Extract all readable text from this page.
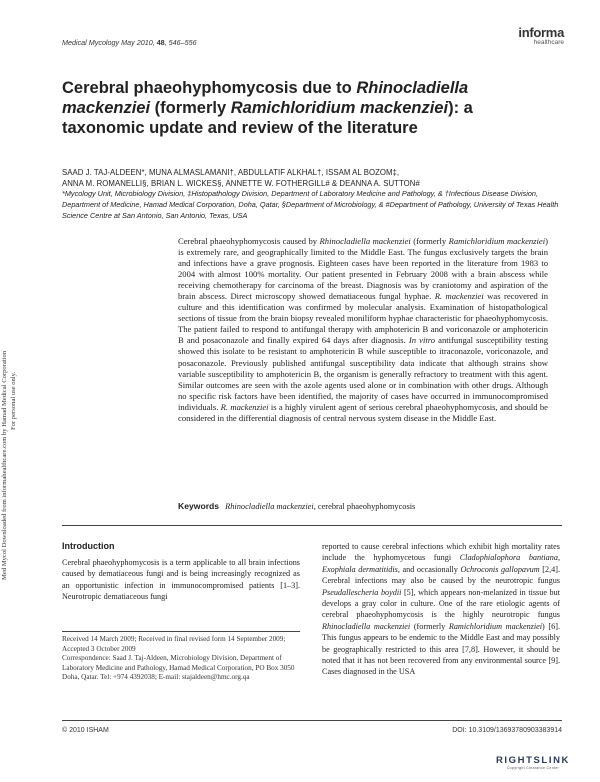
Medical Mycology May 2010, 48, 546–556
informa
healthcare
Cerebral phaeohyphomycosis due to Rhinocladiella mackenziei (formerly Ramichloridium mackenziei): a taxonomic update and review of the literature
SAAD J. TAJ-ALDEEN*, MUNA ALMASLAMANI†, ABDULLATIF ALKHAL†, ISSAM AL BOZOM‡,
ANNA M. ROMANELLI§, BRIAN L. WICKES§, ANNETTE W. FOTHERGILL# & DEANNA A. SUTTON#
*Mycology Unit, Microbiology Division, ‡Histopathology Division, Department of Laboratory Medicine and Pathology, & †Infectious Disease Division, Department of Medicine, Hamad Medical Corporation, Doha, Qatar, §Department of Microbiology, & #Department of Pathology, University of Texas Health Science Centre at San Antonio, San Antonio, Texas, USA
Med Mycol Downloaded from informahealthcare.com by Hamad Medical Corporation For personal use only.
Cerebral phaeohyphomycosis caused by Rhinocladiella mackenziei (formerly Ramichloridium mackenziei) is extremely rare, and geographically limited to the Middle East. The fungus exclusively targets the brain and infections have a grave prognosis. Eighteen cases have been reported in the literature from 1983 to 2004 with almost 100% mortality. Our patient presented in February 2008 with a brain abscess while receiving chemotherapy for carcinoma of the breast. Diagnosis was by craniotomy and aspiration of the brain abscess. Direct microscopy showed dematiaceous fungal hyphae. R. mackenziei was recovered in culture and this identification was confirmed by molecular analysis. Examination of histopathological sections of tissue from the brain biopsy revealed moniliform hyphae characteristic for phaeohyphomycosis. The patient failed to respond to antifungal therapy with amphotericin B and voriconazole or amphotericin B and posaconazole and finally expired 64 days after diagnosis. In vitro antifungal susceptibility testing showed this isolate to be resistant to amphotericin B while susceptible to itraconazole, voriconazole, and posaconazole. Previously published antifungal susceptibility data indicate that although strains show variable susceptibility to amphotericin B, the organism is generally refractory to treatment with this agent. Similar outcomes are seen with the azole agents used alone or in combination with other drugs. Although no specific risk factors have been identified, the majority of cases have occurred in immunocompromised individuals. R. mackenziei is a highly virulent agent of serious cerebral phaeohyphomycosis, and should be considered in the differential diagnosis of central nervous system disease in the Middle East.
Keywords Rhinocladiella mackenziei, cerebral phaeohyphomycosis
Introduction
Cerebral phaeohyphomycosis is a term applicable to all brain infections caused by dematiaceous fungi and is being increasingly recognized as an opportunistic infection in immunocompromised patients [1–3]. Neurotropic dematiaceous fungi
reported to cause cerebral infections which exhibit high mortality rates include the hyphomycetous fungi Cladophialophora bantiana, Exophiala dermatitidis, and occasionally Ochroconis gallopavum [2,4]. Cerebral infections may also be caused by the neurotropic fungus Pseudallescheria boydii [5], which appears non-melanized in tissue but develops a gray color in culture. One of the rare etiologic agents of cerebral phaeohyphomycosis is the highly neurotropic fungus Rhinocladiella mackenziei (formerly Ramichloridium mackenziei) [6]. This fungus appears to be endemic to the Middle East and may possibly be geographically restricted to this area [7,8]. However, it should be noted that it has not been recovered from any environmental source [9]. Cases diagnosed in the USA
Received 14 March 2009; Received in final revised form 14 September 2009; Accepted 3 October 2009
Correspondence: Saad J. Taj-Aldeen, Microbiology Division, Department of Laboratory Medicine and Pathology, Hamad Medical Corporation, PO Box 3050 Doha, Qatar. Tel: +974 4392038; E-mail: stajaldeen@hmc.org.qa
© 2010 ISHAM	DOI: 10.3109/13693780903383914
RIGHTSLINK
Copyright Clearance Center
